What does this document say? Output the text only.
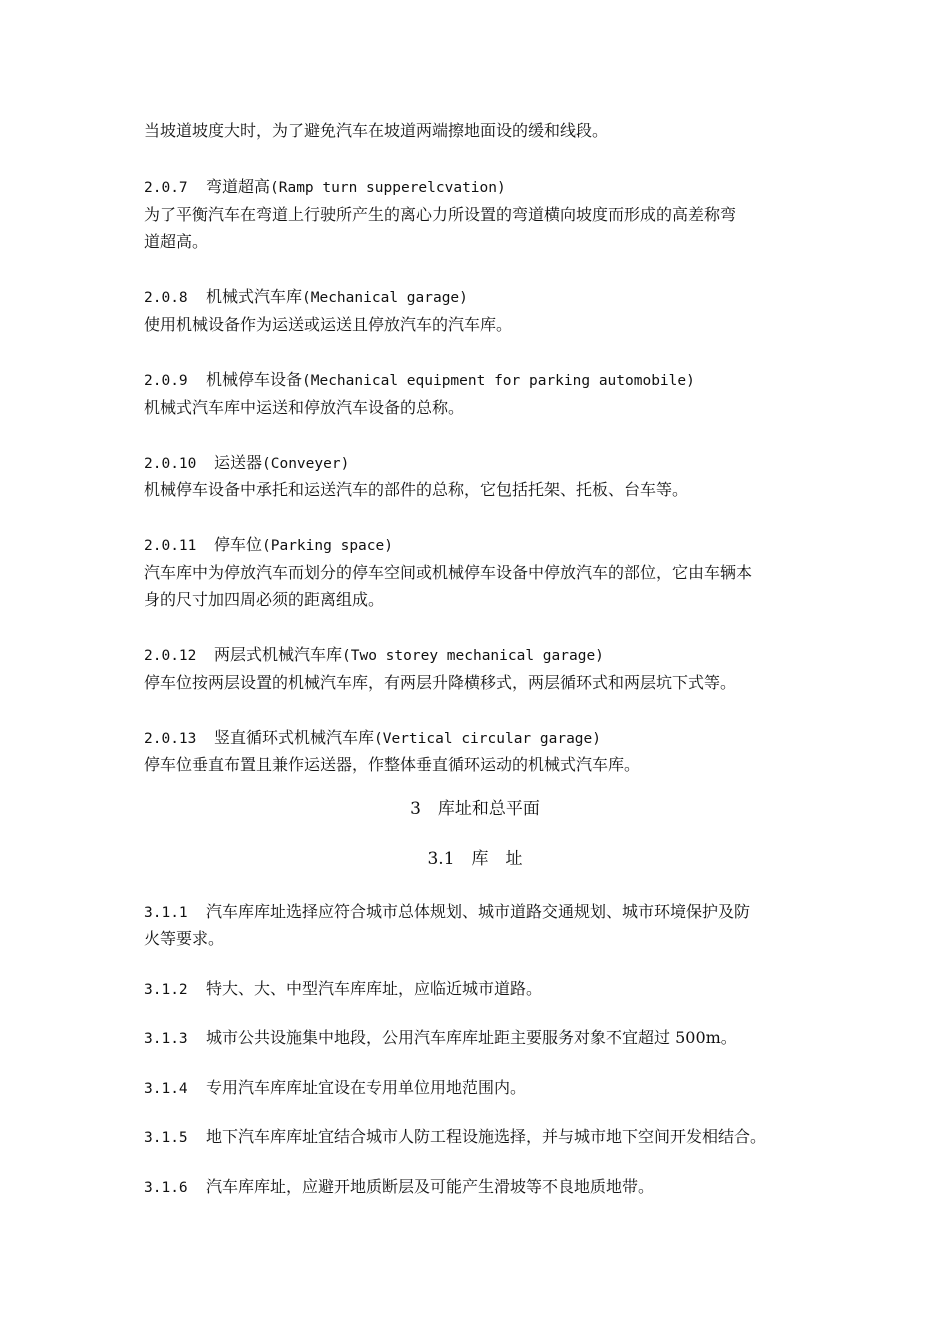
当坡道坡度大时，为了避免汽车在坡道两端擦地面设的缓和线段。

2.0.7 弯道超高(Ramp turn supperelcvation)

为了平衡汽车在弯道上行驶所产生的离心力所设置的弯道横向坡度而形成的高差称弯

道超高。

2.0.8 机械式汽车库(Mechanical garage)

使用机械设备作为运送或运送且停放汽车的汽车库。

2.0.9 机械停车设备(Mechanical equipment for parking automobile)

机械式汽车库中运送和停放汽车设备的总称。

2.0.10 运送器(Conveyer)

机械停车设备中承托和运送汽车的部件的总称，它包括托架、托板、台车等。

2.0.11 停车位(Parking space)

汽车库中为停放汽车而划分的停车空间或机械停车设备中停放汽车的部位，它由车辆本

身的尺寸加四周必须的距离组成。

2.0.12 两层式机械汽车库(Two storey mechanical garage)

停车位按两层设置的机械汽车库，有两层升降横移式，两层循环式和两层坑下式等。

2.0.13 竖直循环式机械汽车库(Vertical circular garage)

停车位垂直布置且兼作运送器，作整体垂直循环运动的机械式汽车库。

3　库址和总平面
3.1　库　址

3.1.1 汽车库库址选择应符合城市总体规划、城市道路交通规划、城市环境保护及防

火等要求。

3.1.2 特大、大、中型汽车库库址，应临近城市道路。

3.1.3 城市公共设施集中地段，公用汽车库库址距主要服务对象不宜超过 500m。

3.1.4 专用汽车库库址宜设在专用单位用地范围内。

3.1.5 地下汽车库库址宜结合城市人防工程设施选择，并与城市地下空间开发相结合。

3.1.6 汽车库库址，应避开地质断层及可能产生滑坡等不良地质地带。
